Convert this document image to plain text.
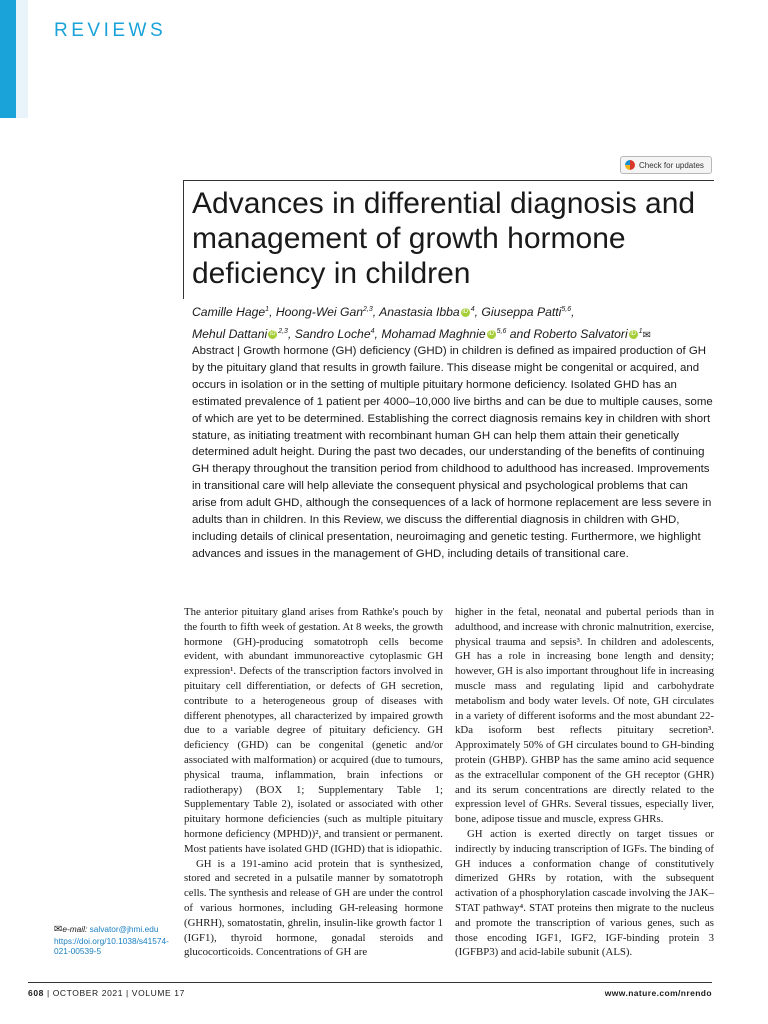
REVIEWS
Check for updates
Advances in differential diagnosis and management of growth hormone deficiency in children
Camille Hage$^1$, Hoong-Wei Gan$^{2,3}$, Anastasia Ibba iD $^4$, Giuseppa Patti$^{5,6}$,
Mehul Dattani iD $^{2,3}$, Sandro Loche$^4$, Mohamad Maghnie iD $^{5,6}$ and Roberto Salvatori iD $^1$✉
Abstract | Growth hormone (GH) deficiency (GHD) in children is defined as impaired production of GH by the pituitary gland that results in growth failure. This disease might be congenital or acquired, and occurs in isolation or in the setting of multiple pituitary hormone deficiency. Isolated GHD has an estimated prevalence of 1 patient per 4000–10,000 live births and can be due to multiple causes, some of which are yet to be determined. Establishing the correct diagnosis remains key in children with short stature, as initiating treatment with recombinant human GH can help them attain their genetically determined adult height. During the past two decades, our understanding of the benefits of continuing GH therapy throughout the transition period from childhood to adulthood has increased. Improvements in transitional care will help alleviate the consequent physical and psychological problems that can arise from adult GHD, although the consequences of a lack of hormone replacement are less severe in adults than in children. In this Review, we discuss the differential diagnosis in children with GHD, including details of clinical presentation, neuroimaging and genetic testing. Furthermore, we highlight advances and issues in the management of GHD, including details of transitional care.

The anterior pituitary gland arises from Rathke's pouch by the fourth to fifth week of gestation. At 8 weeks, the growth hormone (GH)-producing somatotroph cells become evident, with abundant immunoreactive cytoplasmic GH expression¹. Defects of the transcription factors involved in pituitary cell differentiation, or defects of GH secretion, contribute to a heterogeneous group of diseases with different phenotypes, all characterized by impaired growth due to a variable degree of pituitary deficiency. GH deficiency (GHD) can be congenital (genetic and/or associated with malformation) or acquired (due to tumours, physical trauma, inflammation, brain infections or radiotherapy) (BOX 1; Supplementary Table 1; Supplementary Table 2), isolated or associated with other pituitary hormone deficiencies (such as multiple pituitary hormone deficiency (MPHD))², and transient or permanent. Most patients have isolated GHD (IGHD) that is idiopathic.

GH is a 191-amino acid protein that is synthesized, stored and secreted in a pulsatile manner by somatotroph cells. The synthesis and release of GH are under the control of various hormones, including GH-releasing hormone (GHRH), somatostatin, ghrelin, insulin-like growth factor 1 (IGF1), thyroid hormone, gonadal steroids and glucocorticoids. Concentrations of GH are

higher in the fetal, neonatal and pubertal periods than in adulthood, and increase with chronic malnutrition, exercise, physical trauma and sepsis³. In children and adolescents, GH has a role in increasing bone length and density; however, GH is also important throughout life in increasing muscle mass and regulating lipid and carbohydrate metabolism and body water levels. Of note, GH circulates in a variety of different isoforms and the most abundant 22-kDa isoform best reflects pituitary secretion³. Approximately 50% of GH circulates bound to GH-binding protein (GHBP). GHBP has the same amino acid sequence as the extracellular component of the GH receptor (GHR) and its serum concentrations are directly related to the expression level of GHRs. Several tissues, especially liver, bone, adipose tissue and muscle, express GHRs.

GH action is exerted directly on target tissues or indirectly by inducing transcription of IGFs. The binding of GH induces a conformation change of constitutively dimerized GHRs by rotation, with the subsequent activation of a phosphorylation cascade involving the JAK–STAT pathway⁴. STAT proteins then migrate to the nucleus and promote the transcription of various genes, such as those encoding IGF1, IGF2, IGF-binding protein 3 (IGFBP3) and acid-labile subunit (ALS).

✉e-mail: salvator@jhmi.edu
https://doi.org/10.1038/s41574-021-00539-5
608 | OCTOBER 2021 | VOLUME 17	www.nature.com/nrendo
